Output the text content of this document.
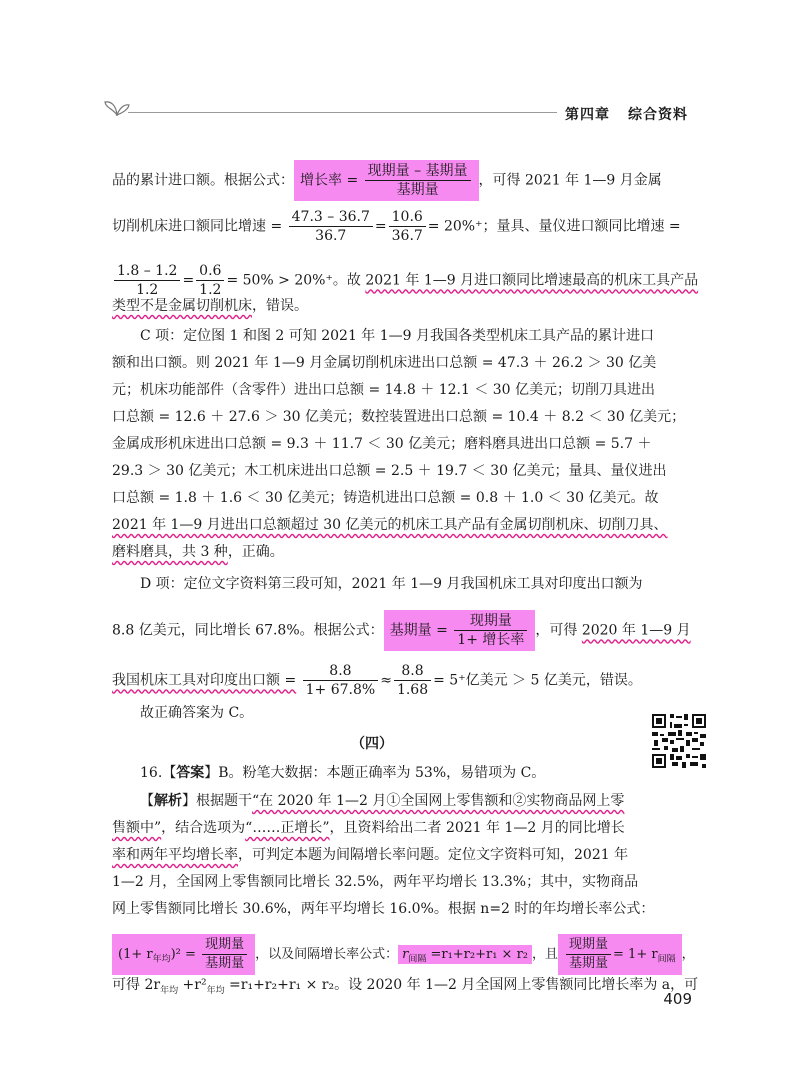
第四章 综合资料
品的累计进口额。根据公式： 增长率 = $\frac{\text{现期量 – 基期量}}{\text{基期量}}$ ，可得 2021 年 1—9 月金属
切削机床进口额同比增速 = $\frac{47.3 - 36.7}{36.7} = \frac{10.6}{36.7} = 20\%^+$；量具、量仪进口额同比增速 =
$\frac{1.8 - 1.2}{1.2} = \frac{0.6}{1.2} = 50\% > 20\%^+$。故 2021 年 1—9 月进口额同比增速最高的机床工具产品
类型不是金属切削机床，错误。
C 项：定位图 1 和图 2 可知 2021 年 1—9 月我国各类型机床工具产品的累计进口
额和出口额。则 2021 年 1—9 月金属切削机床进出口总额 = 47.3 ＋ 26.2 ＞ 30 亿美
元；机床功能部件（含零件）进出口总额 = 14.8 ＋ 12.1 ＜ 30 亿美元；切削刀具进出
口总额 = 12.6 ＋ 27.6 ＞ 30 亿美元；数控装置进出口总额 = 10.4 ＋ 8.2 ＜ 30 亿美元；
金属成形机床进出口总额 = 9.3 ＋ 11.7 ＜ 30 亿美元；磨料磨具进出口总额 = 5.7 ＋
29.3 ＞ 30 亿美元；木工机床进出口总额 = 2.5 ＋ 19.7 ＜ 30 亿美元；量具、量仪进出
口总额 = 1.8 ＋ 1.6 ＜ 30 亿美元；铸造机进出口总额 = 0.8 ＋ 1.0 ＜ 30 亿美元。故
2021 年 1—9 月进出口总额超过 30 亿美元的机床工具产品有金属切削机床、切削刀具、
磨料磨具，共 3 种，正确。
D 项：定位文字资料第三段可知，2021 年 1—9 月我国机床工具对印度出口额为
8.8 亿美元，同比增长 67.8%。根据公式： 基期量 = $\frac{\text{现期量}}{\text{1+ 增长率}}$ ，可得 2020 年 1—9 月
我国机床工具对印度出口额 = $\frac{8.8}{1+ 67.8\%} \approx \frac{8.8}{1.68} = 5^+$亿美元 ＞ 5 亿美元，错误。
故正确答案为 C。
（四）
16.【答案】B。粉笔大数据：本题正确率为 53%，易错项为 C。
【解析】根据题干“在 2020 年 1—2 月①全国网上零售额和②实物商品网上零
售额中”，结合选项为“……正增长”，且资料给出二者 2021 年 1—2 月的同比增长
率和两年平均增长率，可判定本题为间隔增长率问题。定位文字资料可知，2021 年
1—2 月，全国网上零售额同比增长 32.5%，两年平均增长 13.3%；其中，实物商品
网上零售额同比增长 30.6%，两年平均增长 16.0%。根据 n=2 时的年均增长率公式：
$(1+ r_{年均})^2 = \frac{\text{现期量}}{\text{基期量}}$ ，以及间隔增长率公式： $r_{间隔} =r_1+r_2+r_1 \times r_2$ ，且 $\frac{\text{现期量}}{\text{基期量}} = 1+ r_{间隔}$ ，
可得 $2r_{年均} +r^2_{年均} =r_1+r_2+r_1 \times r_2$。设 2020 年 1—2 月全国网上零售额同比增长率为 a，可
409
